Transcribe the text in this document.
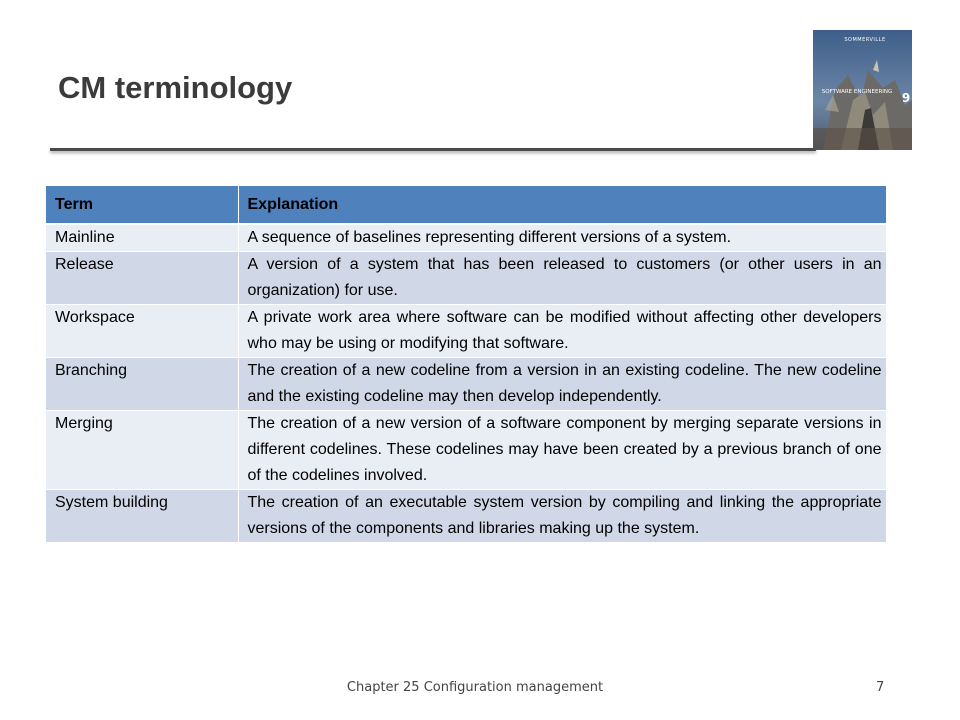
CM terminology
SOMMERVILLE
SOFTWARE ENGINEERING 9
Term	Explanation
Mainline	A sequence of baselines representing different versions of a system.
Release	A version of a system that has been released to customers (or other users in an organization) for use.
Workspace	A private work area where software can be modified without affecting other developers who may be using or modifying that software.
Branching	The creation of a new codeline from a version in an existing codeline. The new codeline and the existing codeline may then develop independently.
Merging	The creation of a new version of a software component by merging separate versions in different codelines. These codelines may have been created by a previous branch of one of the codelines involved.
System building	The creation of an executable system version by compiling and linking the appropriate versions of the components and libraries making up the system.
Chapter 25 Configuration management	7
